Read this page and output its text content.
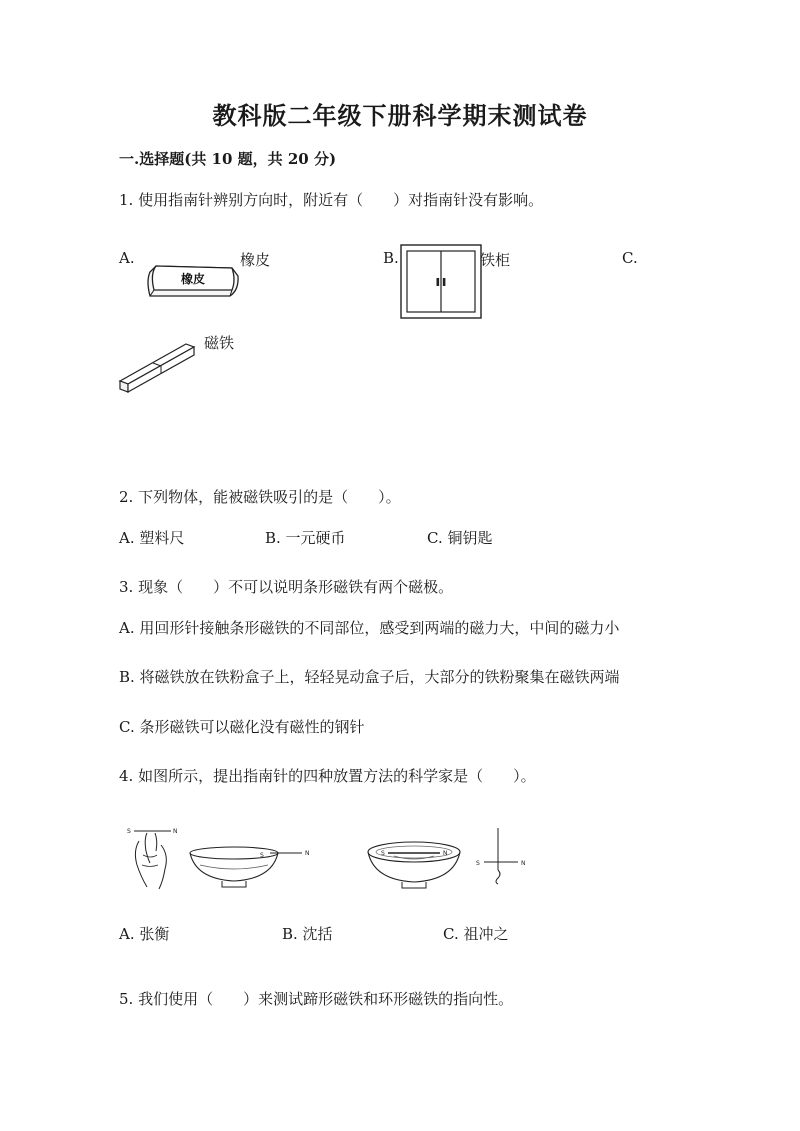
教科版二年级下册科学期末测试卷
一.选择题(共 10 题，共 20 分)
1. 使用指南针辨别方向时，附近有（　　）对指南针没有影响。
A.
橡皮
橡皮	B.	铁柜	C.
磁铁
2. 下列物体，能被磁铁吸引的是（　　）。
A. 塑料尺	B. 一元硬币	C. 铜钥匙
3. 现象（　　）不可以说明条形磁铁有两个磁极。
A. 用回形针接触条形磁铁的不同部位，感受到两端的磁力大，中间的磁力小
B. 将磁铁放在铁粉盒子上，轻轻晃动盒子后，大部分的铁粉聚集在磁铁两端
C. 条形磁铁可以磁化没有磁性的钢针
4. 如图所示，提出指南针的四种放置方法的科学家是（　　）。
S	N
S	N	S	N
S	N
A. 张衡	B. 沈括	C. 祖冲之
5. 我们使用（　　）来测试蹄形磁铁和环形磁铁的指向性。
